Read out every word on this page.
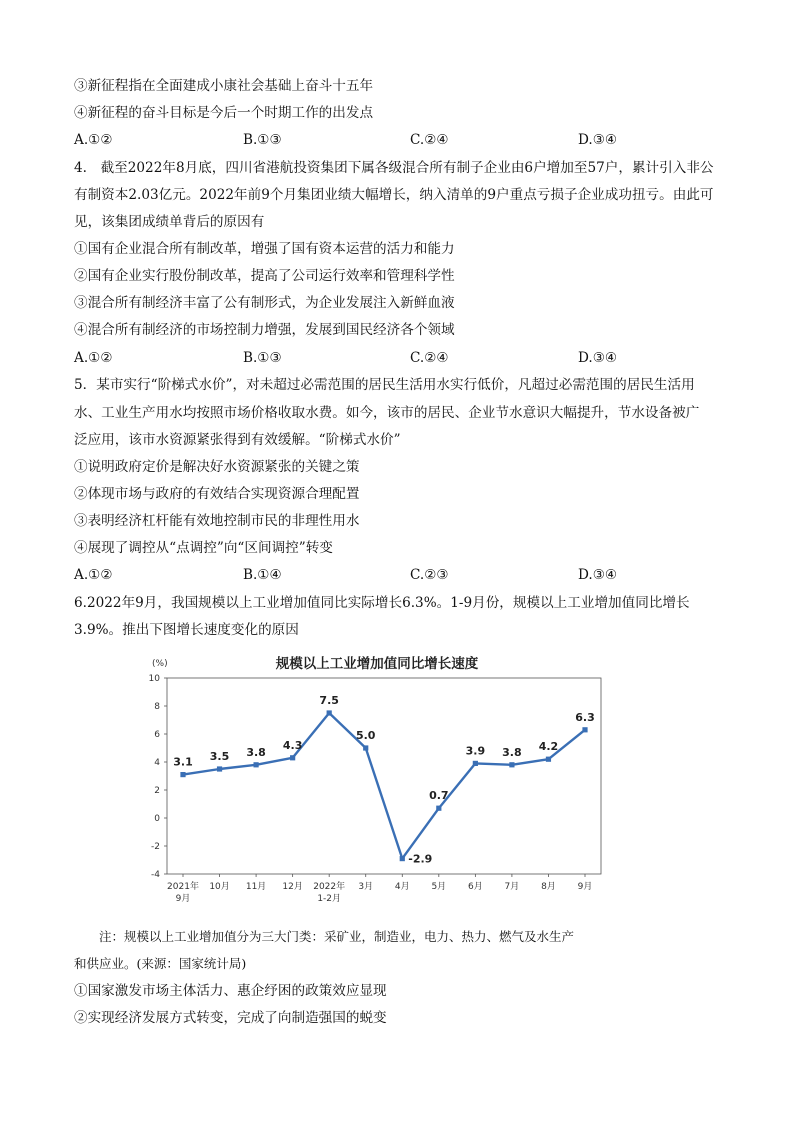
③新征程指在全面建成小康社会基础上奋斗十五年
④新征程的奋斗目标是今后一个时期工作的出发点
A.①②	B.①③	C.②④	D.③④
4.　截至2022年8月底，四川省港航投资集团下属各级混合所有制子企业由6户增加至57户，累计引入非公
有制资本2.03亿元。2022年前9个月集团业绩大幅增长，纳入清单的9户重点亏损子企业成功扭亏。由此可
见，该集团成绩单背后的原因有
①国有企业混合所有制改革，增强了国有资本运营的活力和能力
②国有企业实行股份制改革，提高了公司运行效率和管理科学性
③混合所有制经济丰富了公有制形式，为企业发展注入新鲜血液
④混合所有制经济的市场控制力增强，发展到国民经济各个领域
A.①②	B.①③	C.②④	D.③④
5．某市实行“阶梯式水价”，对未超过必需范围的居民生活用水实行低价，凡超过必需范围的居民生活用
水、工业生产用水均按照市场价格收取水费。如今，该市的居民、企业节水意识大幅提升，节水设备被广
泛应用，该市水资源紧张得到有效缓解。“阶梯式水价”
①说明政府定价是解决好水资源紧张的关键之策
②体现市场与政府的有效结合实现资源合理配置
③表明经济杠杆能有效地控制市民的非理性用水
④展现了调控从“点调控”向“区间调控”转变
A.①②	B.①④	C.②③	D.③④
6.2022年9月，我国规模以上工业增加值同比实际增长6.3%。1-9月份，规模以上工业增加值同比增长
3.9%。推出下图增长速度变化的原因
规模以上工业增加值同比增长速度
(%)
-4
-2
0
2
4
6
8
10
2021年
9月
10月 11月 12月 2022年
1-2月
3月 4月 5月 6月 7月 8月 9月
3.1 3.5 3.8
4.3
7.5
5.0
-2.9
0.7
3.9 3.8 4.2
6.3
　　注：规模以上工业增加值分为三大门类：采矿业，制造业，电力、热力、燃气及水生产
和供应业。(来源：国家统计局)
①国家激发市场主体活力、惠企纾困的政策效应显现
②实现经济发展方式转变，完成了向制造强国的蜕变
